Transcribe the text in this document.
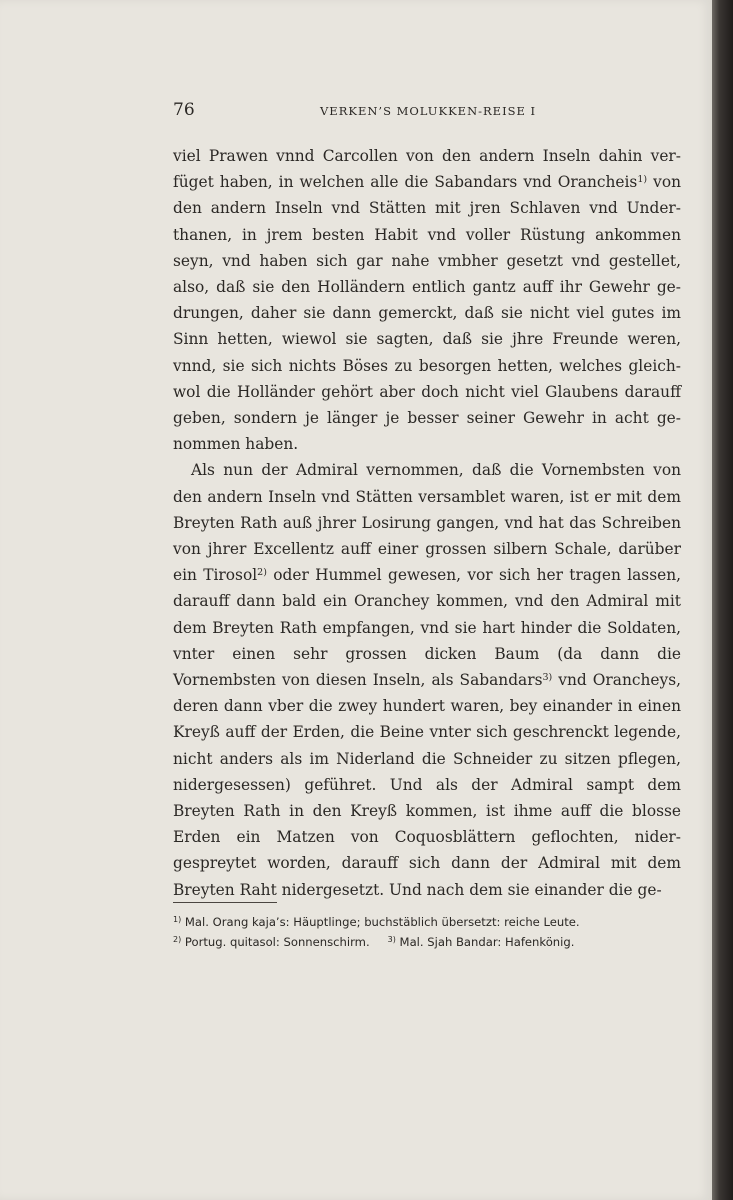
76	VERKEN’S MOLUKKEN-REISE I

viel Prawen vnnd Carcollen von den andern Inseln dahin verfüget haben, in welchen alle die Sabandars vnd Orancheis$^{1)}$ von den andern Inseln vnd Stätten mit jren Schlaven vnd Underthanen, in jrem besten Habit vnd voller Rüstung ankommen seyn, vnd haben sich gar nahe vmbher gesetzt vnd gestellet, also, daß sie den Holländern entlich gantz auff ihr Gewehr gedrungen, daher sie dann gemerckt, daß sie nicht viel gutes im Sinn hetten, wiewol sie sagten, daß sie jhre Freunde weren, vnnd, sie sich nichts Böses zu besorgen hetten, welches gleichwol die Holländer gehört aber doch nicht viel Glaubens darauff geben, sondern je länger je besser seiner Gewehr in acht genommen haben.

Als nun der Admiral vernommen, daß die Vornembsten von den andern Inseln vnd Stätten versamblet waren, ist er mit dem Breyten Rath auß jhrer Losirung gangen, vnd hat das Schreiben von jhrer Excellentz auff einer grossen silbern Schale, darüber ein Tirosol$^{2)}$ oder Hummel gewesen, vor sich her tragen lassen, darauff dann bald ein Oranchey kommen, vnd den Admiral mit dem Breyten Rath empfangen, vnd sie hart hinder die Soldaten, vnter einen sehr grossen dicken Baum (da dann die Vornembsten von diesen Inseln, als Sabandars$^{3)}$ vnd Orancheys, deren dann vber die zwey hundert waren, bey einander in einen Kreyß auff der Erden, die Beine vnter sich geschrenckt legende, nicht anders als im Niderland die Schneider zu sitzen pflegen, nidergesessen) geführet. Und als der Admiral sampt dem Breyten Rath in den Kreyß kommen, ist ihme auff die blosse Erden ein Matzen von Coquosblättern geflochten, nidergespreytet worden, darauff sich dann der Admiral mit dem Breyten Raht nidergesetzt. Und nach dem sie einander die ge-

$^{1)}$ Mal. Orang kaja’s: Häuptlinge; buchstäblich übersetzt: reiche Leute.

$^{2)}$ Portug. quitasol: Sonnenschirm. $^{3)}$ Mal. Sjah Bandar: Hafenkönig.
